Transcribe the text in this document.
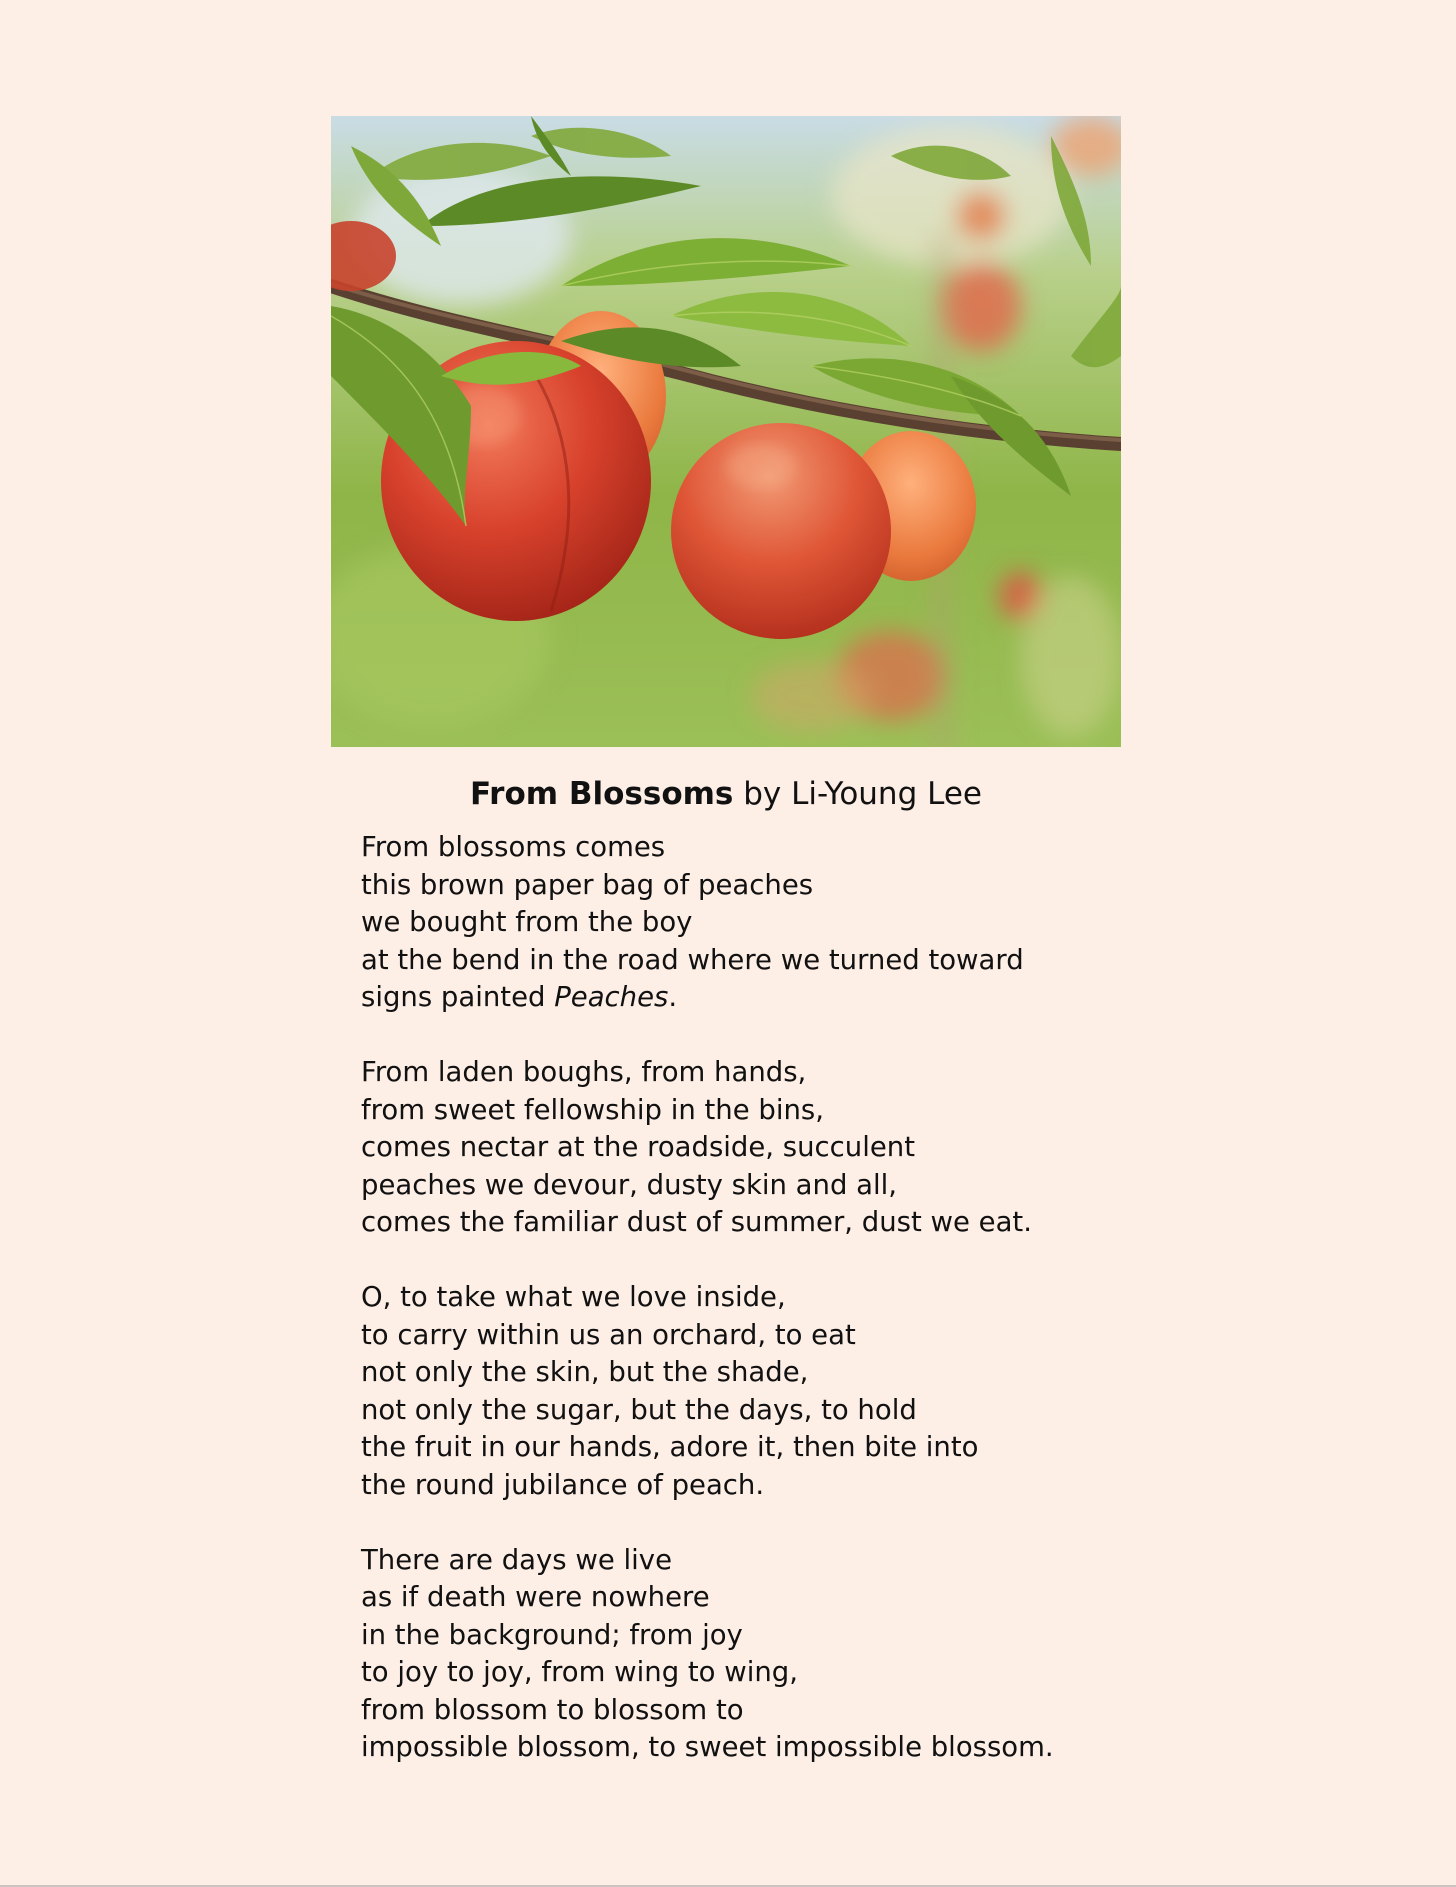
From Blossoms by Li-Young Lee
From blossoms comes
this brown paper bag of peaches
we bought from the boy
at the bend in the road where we turned toward
signs painted Peaches.
From laden boughs, from hands,
from sweet fellowship in the bins,
comes nectar at the roadside, succulent
peaches we devour, dusty skin and all,
comes the familiar dust of summer, dust we eat.
O, to take what we love inside,
to carry within us an orchard, to eat
not only the skin, but the shade,
not only the sugar, but the days, to hold
the fruit in our hands, adore it, then bite into
the round jubilance of peach.
There are days we live
as if death were nowhere
in the background; from joy
to joy to joy, from wing to wing,
from blossom to blossom to
impossible blossom, to sweet impossible blossom.
